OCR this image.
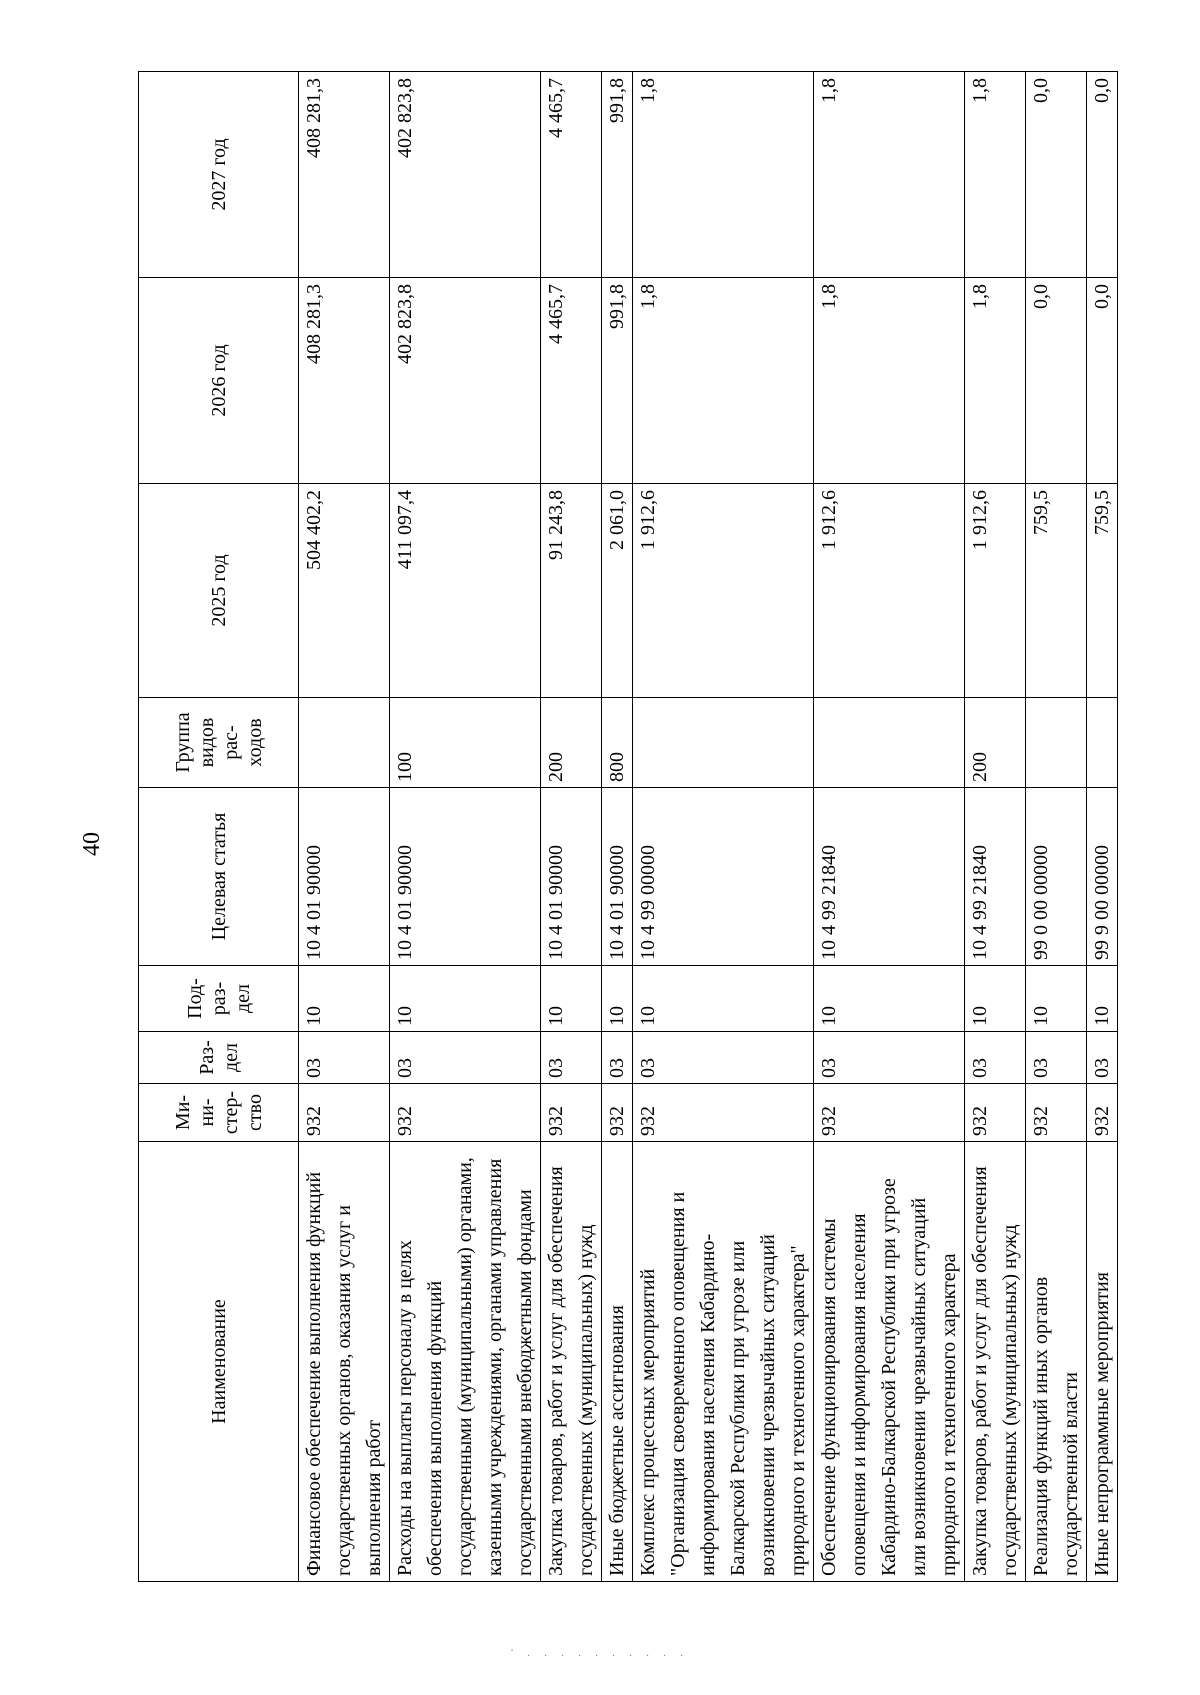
40
Наименование	Ми-
ни-
стер-
ство	Раз-
дел	Под-
раз-
дел	Целевая статья	Группа
видов
рас-
ходов	2025 год	2026 год	2027 год
Финансовое обеспечение выполнения функций государственных органов, оказания услуг и выполнения работ	932	03	10	10 4 01 90000		504 402,2	408 281,3	408 281,3
Расходы на выплаты персоналу в целях обеспечения выполнения функций государственными (муниципальными) органами, казенными учреждениями, органами управления государственными внебюджетными фондами	932	03	10	10 4 01 90000	100	411 097,4	402 823,8	402 823,8
Закупка товаров, работ и услуг для обеспечения государственных (муниципальных) нужд	932	03	10	10 4 01 90000	200	91 243,8	4 465,7	4 465,7
Иные бюджетные ассигнования	932	03	10	10 4 01 90000	800	2 061,0	991,8	991,8
Комплекс процессных мероприятий "Организация своевременного оповещения и информирования населения Кабардино-Балкарской Республики при угрозе или возникновении чрезвычайных ситуаций природного и техногенного характера"	932	03	10	10 4 99 00000		1 912,6	1,8	1,8
Обеспечение функционирования системы оповещения и информирования населения Кабардино-Балкарской Республики при угрозе или возникновении чрезвычайных ситуаций природного и техногенного характера	932	03	10	10 4 99 21840		1 912,6	1,8	1,8
Закупка товаров, работ и услуг для обеспечения государственных (муниципальных) нужд	932	03	10	10 4 99 21840	200	1 912,6	1,8	1,8
Реализация функций иных органов государственной власти	932	03	10	99 0 00 00000		759,5	0,0	0,0
Иные непрограммные мероприятия	932	03	10	99 9 00 00000		759,5	0,0	0,0
' . . . . . . . . . .
